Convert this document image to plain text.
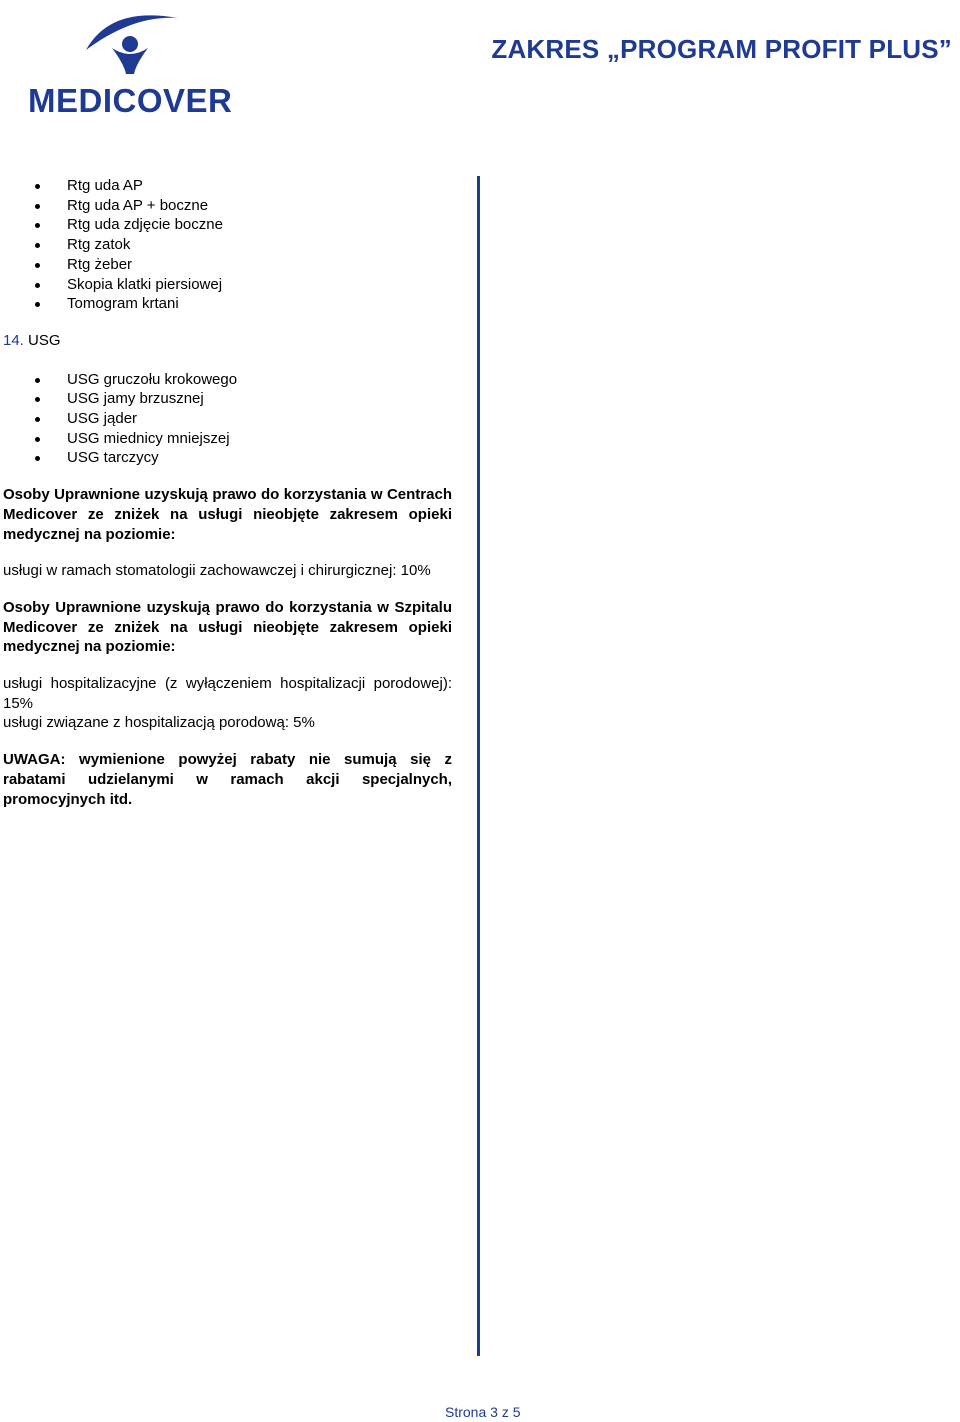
MEDICOVER
ZAKRES „PROGRAM PROFIT PLUS”
Rtg uda AP
Rtg uda AP + boczne
Rtg uda zdjęcie boczne
Rtg zatok
Rtg żeber
Skopia klatki piersiowej
Tomogram krtani
14. USG
USG gruczołu krokowego
USG jamy brzusznej
USG jąder
USG miednicy mniejszej
USG tarczycy

Osoby Uprawnione uzyskują prawo do korzystania w Centrach Medicover ze zniżek na usługi nieobjęte zakresem opieki medycznej na poziomie:

usługi w ramach stomatologii zachowawczej i chirurgicznej: 10%

Osoby Uprawnione uzyskują prawo do korzystania w Szpitalu Medicover ze zniżek na usługi nieobjęte zakresem opieki medycznej na poziomie:

usługi hospitalizacyjne (z wyłączeniem hospitalizacji porodowej): 15%

usługi związane z hospitalizacją porodową: 5%

UWAGA: wymienione powyżej rabaty nie sumują się z rabatami udzielanymi w ramach akcji specjalnych, promocyjnych itd.

Strona 3 z 5
